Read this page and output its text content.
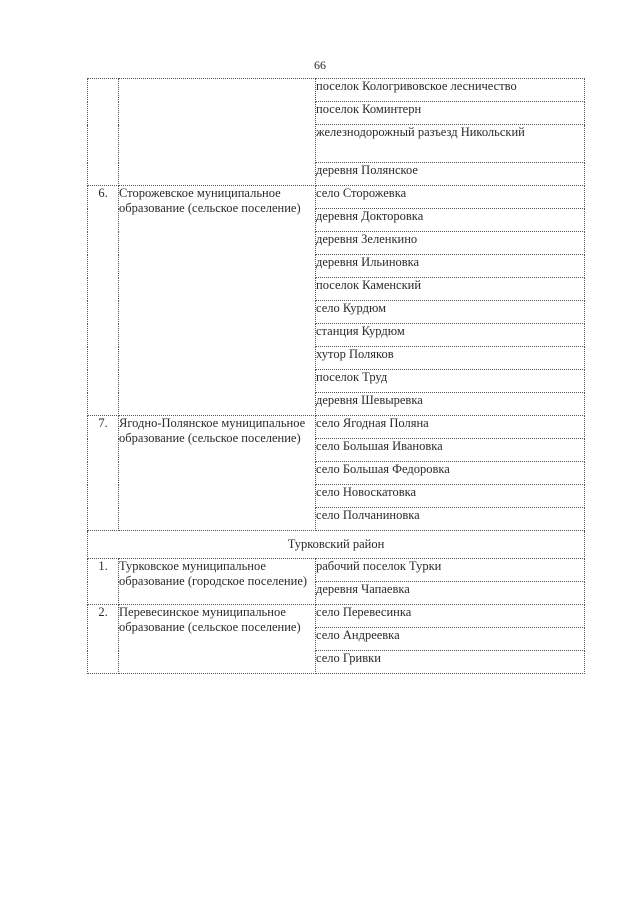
66
		поселок Кологривовское лесничество
		поселок Коминтерн
		железнодорожный разъезд Никольский
		деревня Полянское
6.	Сторожевское муниципальное образование (сельское поселение)	село Сторожевка
		деревня Докторовка
		деревня Зеленкино
		деревня Ильиновка
		поселок Каменский
		село Курдюм
		станция Курдюм
		хутор Поляков
		поселок Труд
		деревня Шевыревка
7.	Ягодно-Полянское муниципальное образование (сельское поселение)	село Ягодная Поляна
		село Большая Ивановка
		село Большая Федоровка
		село Новоскатовка
		село Полчаниновка
Турковский район		
1.	Турковское муниципальное образование (городское поселение)	рабочий поселок Турки
		деревня Чапаевка
2.	Перевесинское муниципальное образование (сельское поселение)	село Перевесинка
		село Андреевка
		село Гривки
